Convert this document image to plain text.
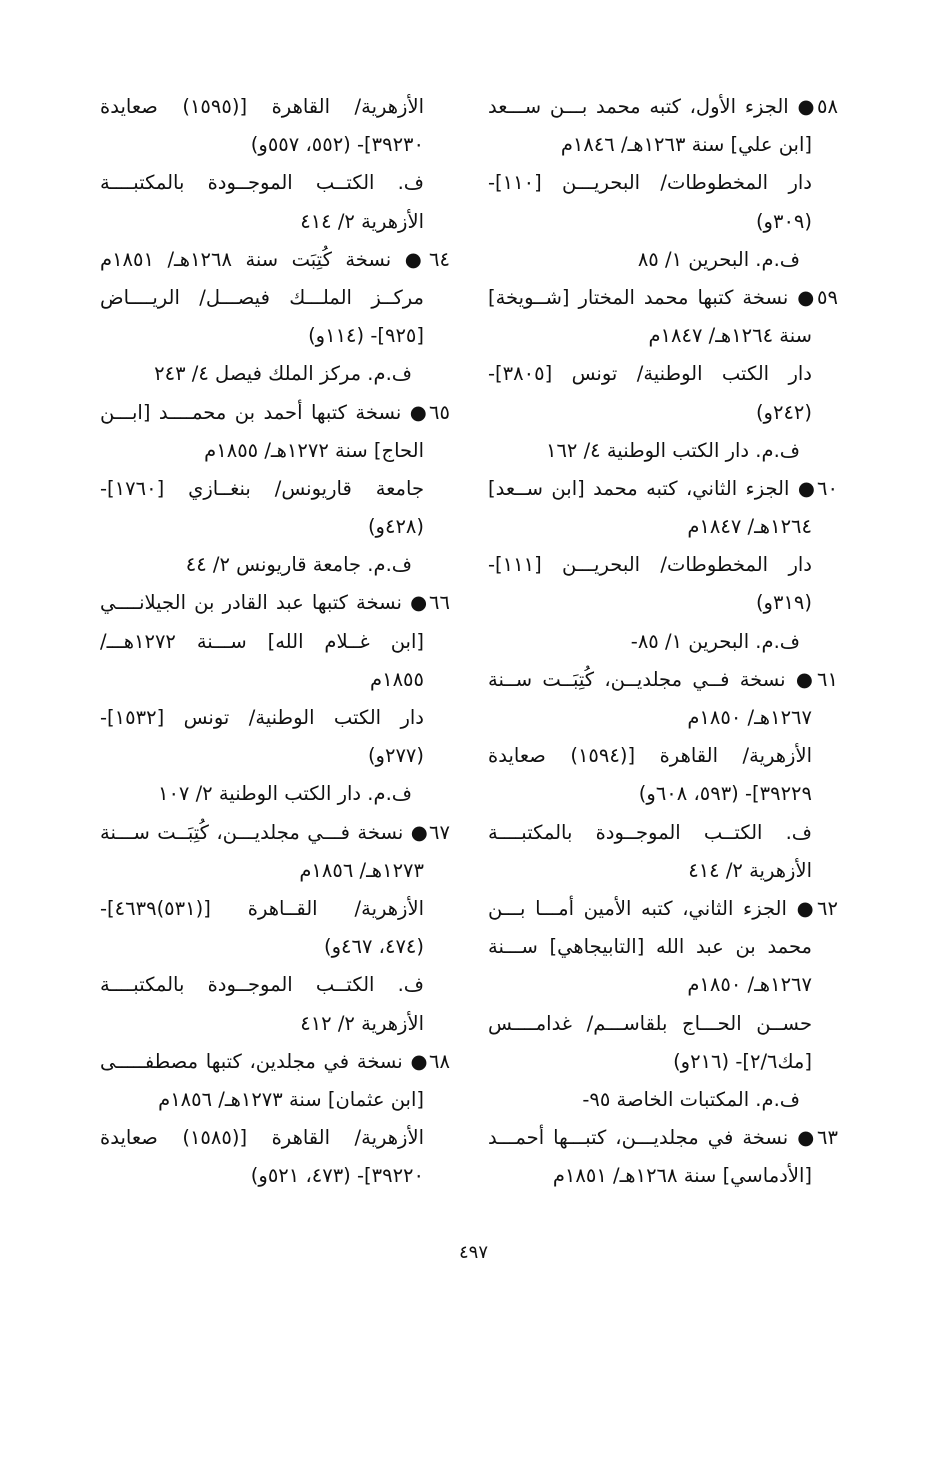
٥٨● الجزء الأول، كتبه محمد بـــن ســـعد
[ابن علي] سنة ١٢٦٣هـ/ ١٨٤٦م
دار المخطوطات/ البحريـــن [١١٠]-
(٣٠٩و)
ف.م. البحرين ١/ ٨٥
٥٩● نسخة كتبها محمد المختار [شــويخة]
سنة ١٢٦٤هـ/ ١٨٤٧م
دار الكتب الوطنية/ تونس [٣٨٠٥]-
(٢٤٢و)
ف.م. دار الكتب الوطنية ٤/ ١٦٢
٦٠● الجزء الثاني، كتبه محمد [ابن ســعد]
١٢٦٤هـ/ ١٨٤٧م
دار المخطوطات/ البحريـــن [١١١]-
(٣١٩و)
ف.م. البحرين ١/ ٨٥-
٦١● نسخة فــي مجلديــن، كُتِبَــت ســنة
١٢٦٧هـ/ ١٨٥٠م
الأزهرية/ القاهرة [(١٥٩٤) صعايدة
٣٩٢٢٩]- (٥٩٣، ٦٠٨و)
ف. الكتــب الموجــودة بالمكتبــــة
الأزهرية ٢/ ٤١٤
٦٢● الجزء الثاني، كتبه الأمين أمـــا بـــن
محمد بن عبد الله [التابيجاهي] ســـنة
١٢٦٧هـ/ ١٨٥٠م
حســن الحـــاج بلقاســـم/ غدامــــس
[مك٢/٦]- (٢١٦و)
ف.م. المكتبات الخاصة ٩٥-
٦٣● نسخة في مجلديـــن، كتبـــها أحمـــد
[الأدماسي] سنة ١٢٦٨هـ/ ١٨٥١م
الأزهرية/ القاهرة [(١٥٩٥) صعايدة
٣٩٢٣٠]- (٥٥٢، ٥٥٧و)
ف. الكتــب الموجــودة بالمكتبــــة
الأزهرية ٢/ ٤١٤
٦٤● نسخة كُتِبَت سنة ١٢٦٨هـ/ ١٨٥١م
مركــز الملـــك فيصـــل/ الريــــاض
[٩٢٥]- (١١٤و)
ف.م. مركز الملك فيصل ٤/ ٢٤٣
٦٥● نسخة كتبها أحمد بن محمــــد [ابـــن
الحاج] سنة ١٢٧٢هـ/ ١٨٥٥م
جامعة قاريونس/ بنغــازي [١٧٦٠]-
(٤٢٨و)
ف.م. جامعة قاريونس ٢/ ٤٤
٦٦● نسخة كتبها عبد القادر بن الجيلانــــي
[ابن غــلام الله] ســـنة ١٢٧٢هـــ/
١٨٥٥م
دار الكتب الوطنية/ تونس [١٥٣٢]-
(٢٧٧و)
ف.م. دار الكتب الوطنية ٢/ ١٠٧
٦٧● نسخة فـــي مجلديـــن، كُتِبَــت ســـنة
١٢٧٣هـ/ ١٨٥٦م
الأزهرية/ القــاهرة [(٥٣١)٤٦٣٩]-
(٤٧٤، ٤٦٧و)
ف. الكتــب الموجــودة بالمكتبــــة
الأزهرية ٢/ ٤١٢
٦٨● نسخة في مجلدين، كتبها مصطفـــــى
[ابن عثمان] سنة ١٢٧٣هـ/ ١٨٥٦م
الأزهرية/ القاهرة [(١٥٨٥) صعايدة
٣٩٢٢٠]- (٤٧٣، ٥٢١و)
٤٩٧
